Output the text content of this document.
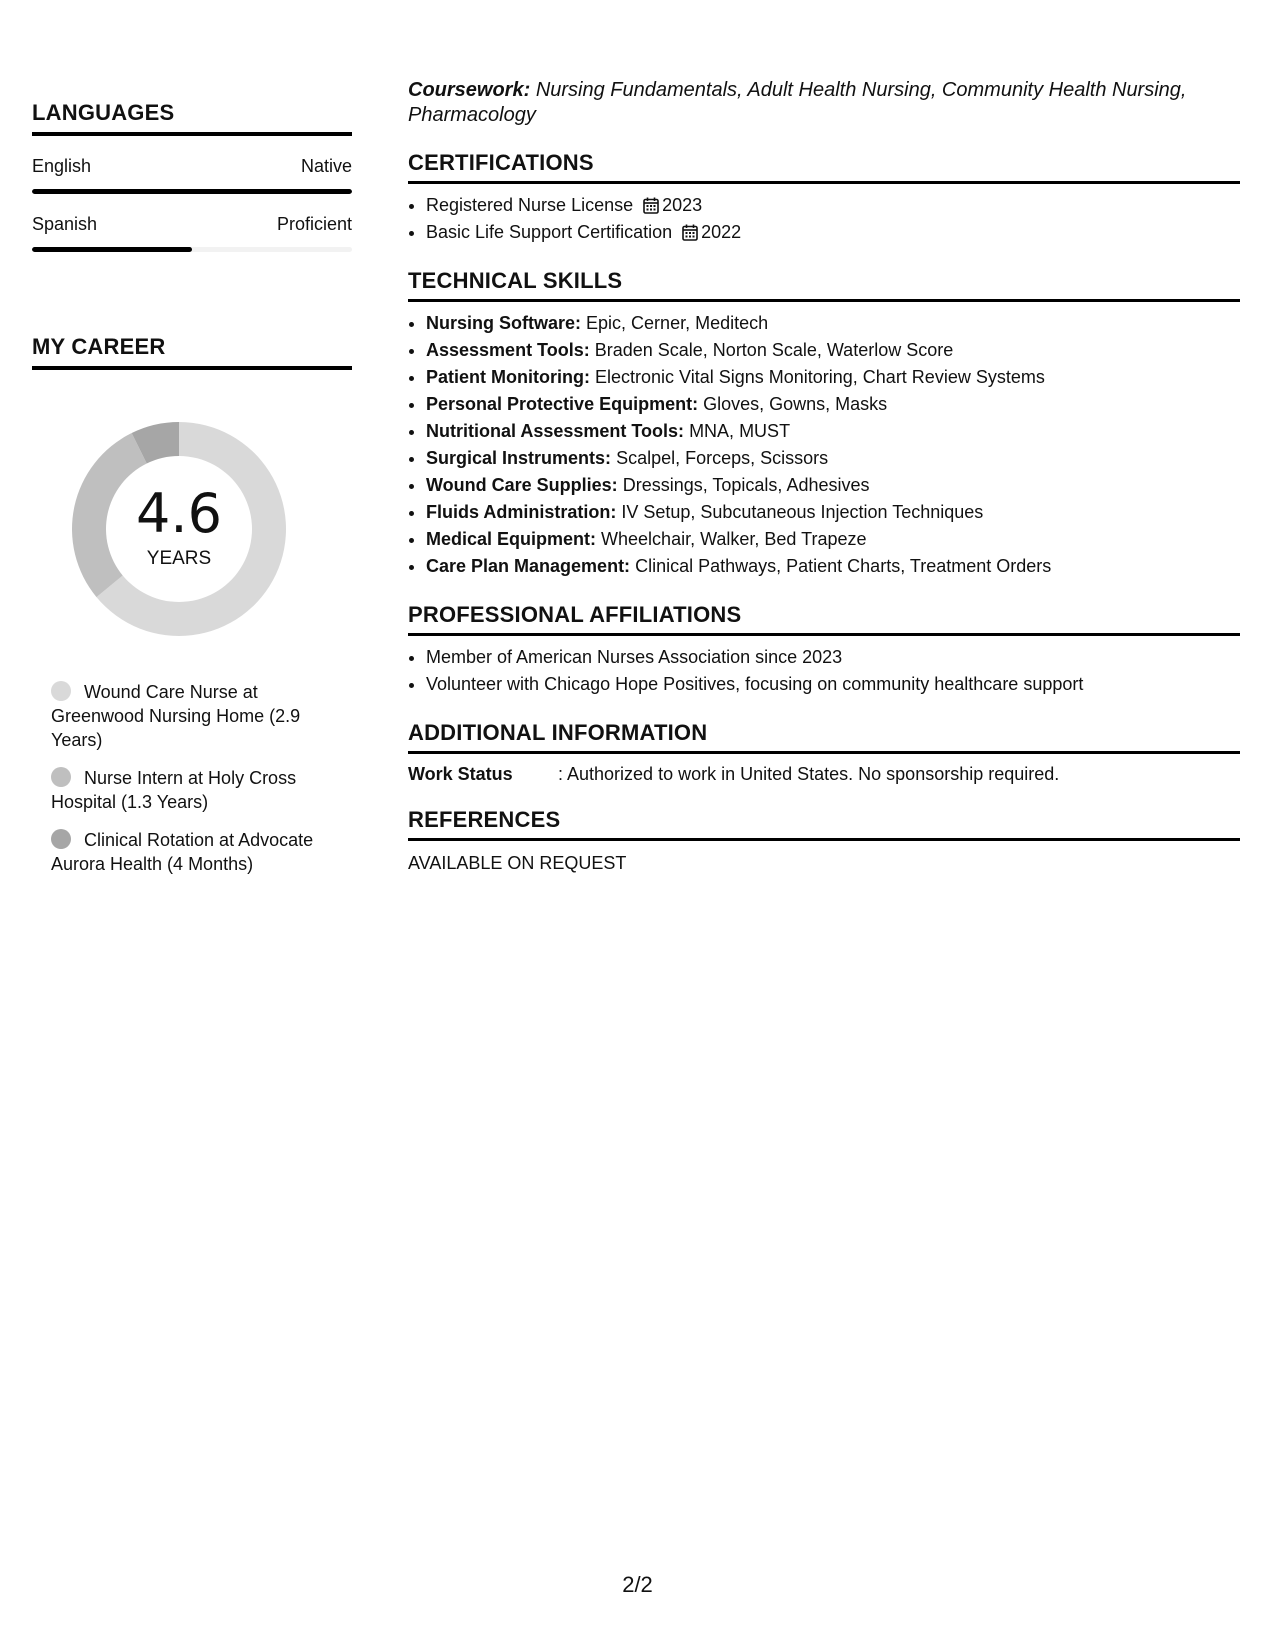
LANGUAGES
English	Native
Spanish	Proficient
MY CAREER
4.6
YEARS
Wound Care Nurse at Greenwood Nursing Home (2.9 Years)
Nurse Intern at Holy Cross Hospital (1.3 Years)
Clinical Rotation at Advocate Aurora Health (4 Months)

Coursework: Nursing Fundamentals, Adult Health Nursing, Community Health Nursing, Pharmacology

CERTIFICATIONS
• Registered Nurse License 2023
• Basic Life Support Certification 2022
TECHNICAL SKILLS
• Nursing Software: Epic, Cerner, Meditech
• Assessment Tools: Braden Scale, Norton Scale, Waterlow Score
• Patient Monitoring: Electronic Vital Signs Monitoring, Chart Review Systems
• Personal Protective Equipment: Gloves, Gowns, Masks
• Nutritional Assessment Tools: MNA, MUST
• Surgical Instruments: Scalpel, Forceps, Scissors
• Wound Care Supplies: Dressings, Topicals, Adhesives
• Fluids Administration: IV Setup, Subcutaneous Injection Techniques
• Medical Equipment: Wheelchair, Walker, Bed Trapeze
• Care Plan Management: Clinical Pathways, Patient Charts, Treatment Orders
PROFESSIONAL AFFILIATIONS
• Member of American Nurses Association since 2023
• Volunteer with Chicago Hope Positives, focusing on community healthcare support
ADDITIONAL INFORMATION
Work Status	: Authorized to work in United States. No sponsorship required.
REFERENCES
AVAILABLE ON REQUEST
2/2
